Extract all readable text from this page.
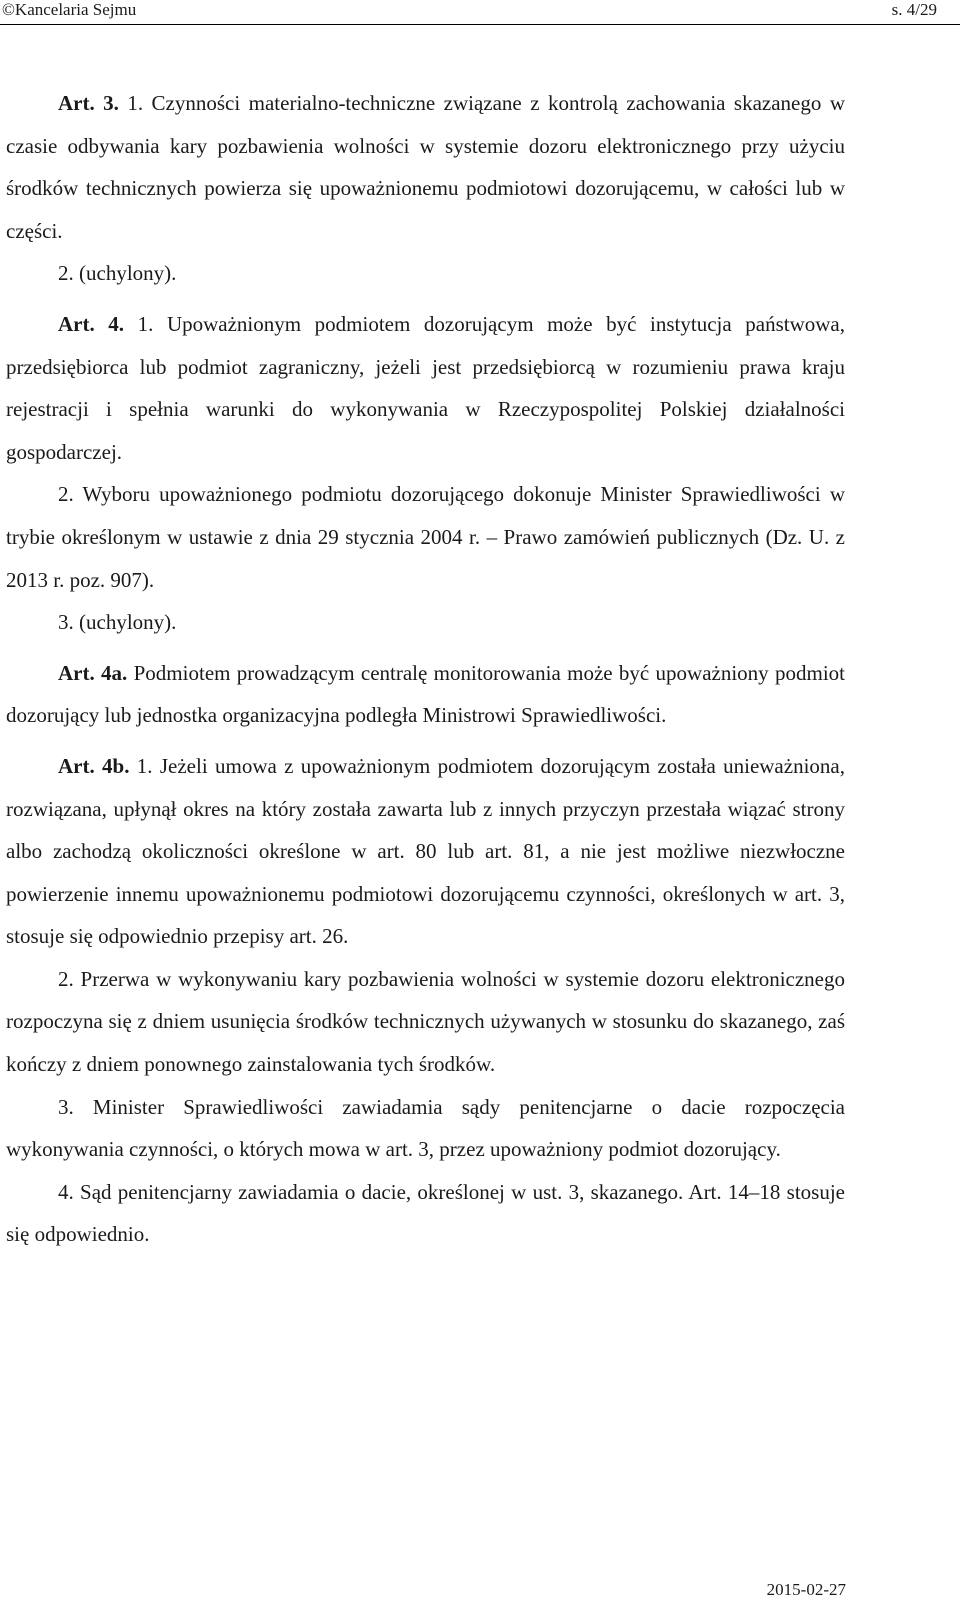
©Kancelaria Sejmu	s. 4/29

Art. 3. 1. Czynności materialno-techniczne związane z kontrolą zachowania skazanego w czasie odbywania kary pozbawienia wolności w systemie dozoru elektronicznego przy użyciu środków technicznych powierza się upoważnionemu podmiotowi dozorującemu, w całości lub w części.

2. (uchylony).

Art. 4. 1. Upoważnionym podmiotem dozorującym może być instytucja państwowa, przedsiębiorca lub podmiot zagraniczny, jeżeli jest przedsiębiorcą w rozumieniu prawa kraju rejestracji i spełnia warunki do wykonywania w Rzeczypospolitej Polskiej działalności gospodarczej.

2. Wyboru upoważnionego podmiotu dozorującego dokonuje Minister Sprawiedliwości w trybie określonym w ustawie z dnia 29 stycznia 2004 r. – Prawo zamówień publicznych (Dz. U. z 2013 r. poz. 907).

3. (uchylony).

Art. 4a. Podmiotem prowadzącym centralę monitorowania może być upoważniony podmiot dozorujący lub jednostka organizacyjna podległa Ministrowi Sprawiedliwości.

Art. 4b. 1. Jeżeli umowa z upoważnionym podmiotem dozorującym została unieważniona, rozwiązana, upłynął okres na który została zawarta lub z innych przyczyn przestała wiązać strony albo zachodzą okoliczności określone w art. 80 lub art. 81, a nie jest możliwe niezwłoczne powierzenie innemu upoważnionemu podmiotowi dozorującemu czynności, określonych w art. 3, stosuje się odpowiednio przepisy art. 26.

2. Przerwa w wykonywaniu kary pozbawienia wolności w systemie dozoru elektronicznego rozpoczyna się z dniem usunięcia środków technicznych używanych w stosunku do skazanego, zaś kończy z dniem ponownego zainstalowania tych środków.

3. Minister Sprawiedliwości zawiadamia sądy penitencjarne o dacie rozpoczęcia wykonywania czynności, o których mowa w art. 3, przez upoważniony podmiot dozorujący.

4. Sąd penitencjarny zawiadamia o dacie, określonej w ust. 3, skazanego. Art. 14–18 stosuje się odpowiednio.

2015-02-27
